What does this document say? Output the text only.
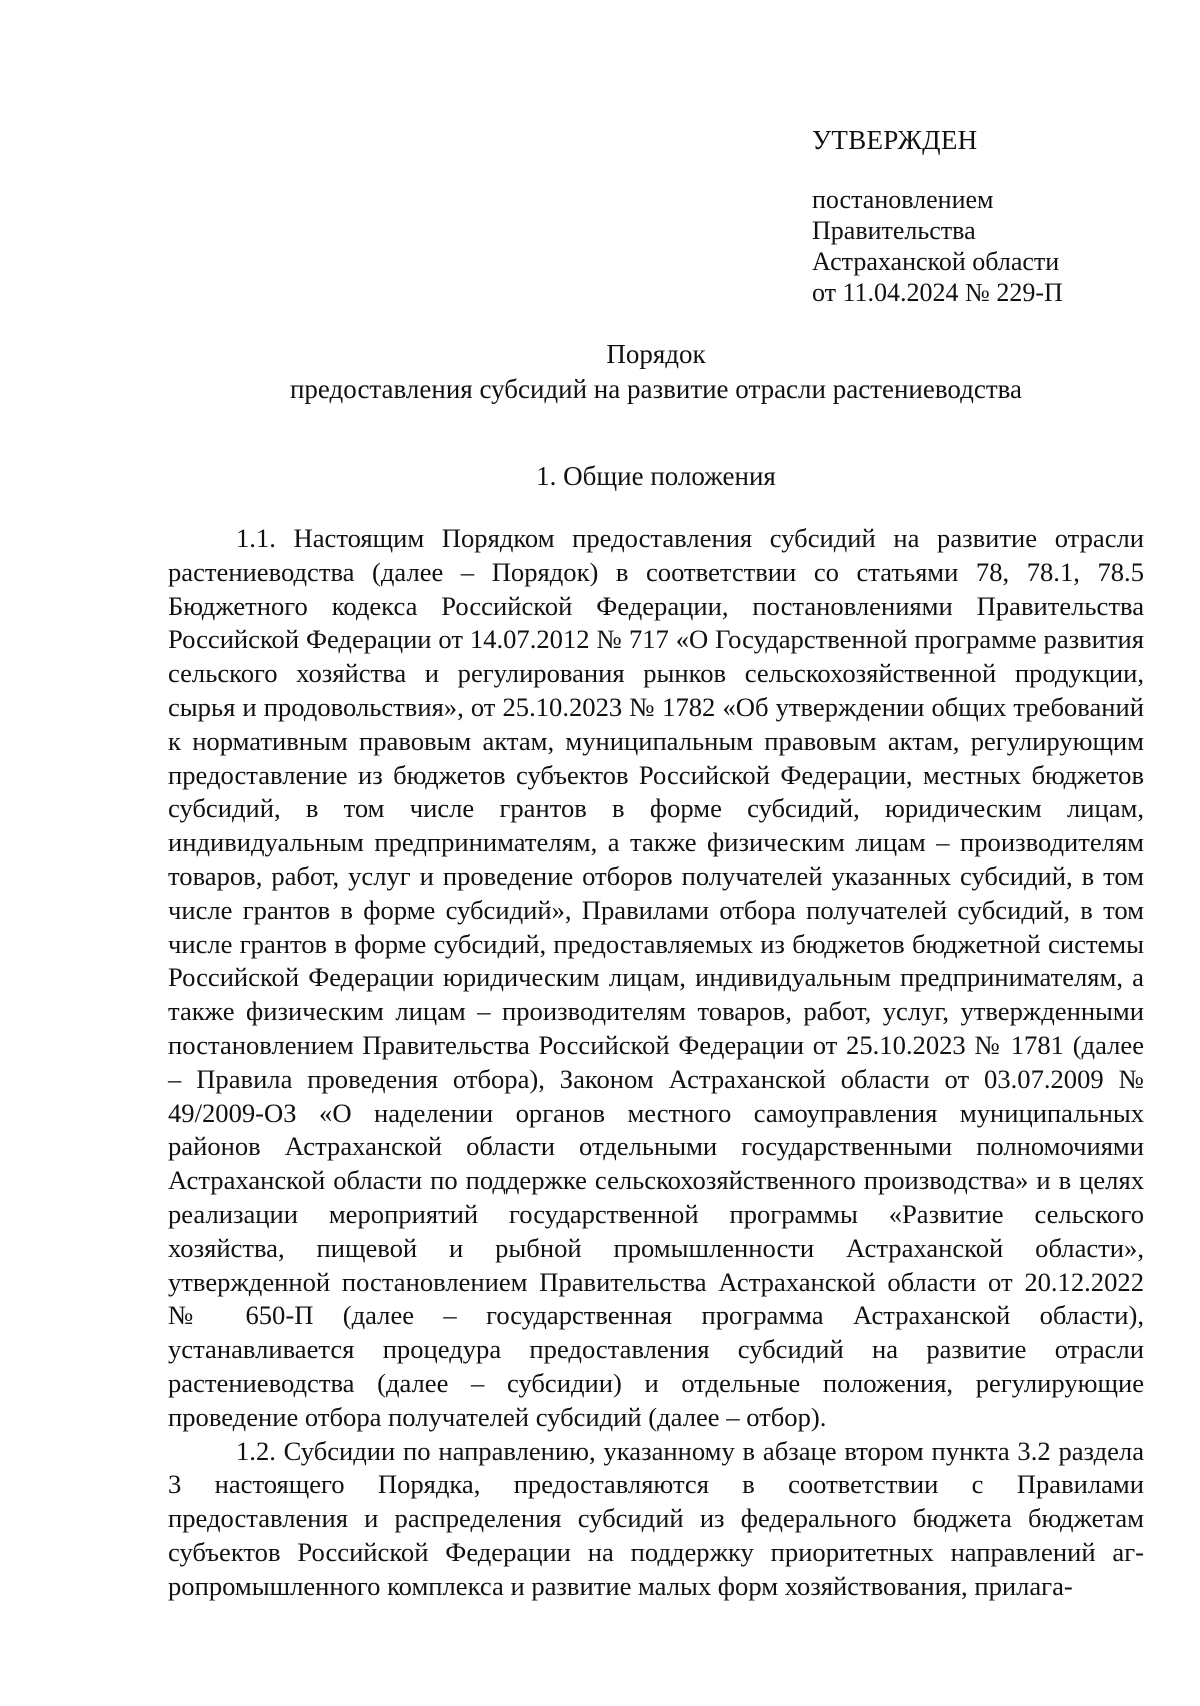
УТВЕРЖДЕН
постановлением
Правительства
Астраханской области
от 11.04.2024 № 229-П
Порядок
предоставления субсидий на развитие отрасли растениеводства
1. Общие положения

1.1. Настоящим Порядком предоставления субсидий на развитие отрасли растениеводства (далее – Порядок) в соответствии со статьями 78, 78.1, 78.5 Бюджетного кодекса Российской Федерации, постановлениями Правительства Российской Федерации от 14.07.2012 № 717 «О Государственной программе развития сельского хозяйства и регулирования рынков сельскохозяйственной продукции, сырья и продовольствия», от 25.10.2023 № 1782 «Об утверждении общих требований к нормативным правовым актам, муниципальным правовым актам, регулирующим предоставление из бюджетов субъектов Российской Федерации, местных бюджетов субсидий, в том числе грантов в форме субсидий, юридическим лицам, индивидуальным предпринимателям, а также физическим лицам – производителям товаров, работ, услуг и проведение отборов получателей указанных субсидий, в том числе грантов в форме субсидий», Правилами отбора получателей субсидий, в том числе грантов в форме субсидий, предоставляемых из бюджетов бюджетной системы Российской Федерации юридическим лицам, индивидуальным предпринимателям, а также физическим лицам – производителям товаров, работ, услуг, утвержденными постановлением Правительства Российской Федерации от 25.10.2023 № 1781 (далее – Правила проведения отбора), Законом Астраханской области от 03.07.2009 № 49/2009-ОЗ «О наделении органов местного самоуправления муниципальных районов Астраханской области отдельными государственными полномочиями Астраханской области по поддержке сельскохозяйственного производства» и в целях реализации мероприятий государственной программы «Развитие сельского хозяйства, пищевой и рыбной промышленности Астраханской области», утвержденной постановлением Правительства Астраханской области от 20.12.2022 № 650-П (далее – государственная программа Астраханской области), устанавливается процедура предоставления субсидий на развитие отрасли растениеводства (далее – субсидии) и отдельные положения, регулирующие проведение отбора получателей субсидий (далее – отбор).

1.2. Субсидии по направлению, указанному в абзаце втором пункта 3.2 раздела 3 настоящего Порядка, предоставляются в соответствии с Правилами предоставления и распределения субсидий из федерального бюджета бюджетам субъектов Российской Федерации на поддержку приоритетных направлений агропромышленного комплекса и развитие малых форм хозяйствования, прилага-
